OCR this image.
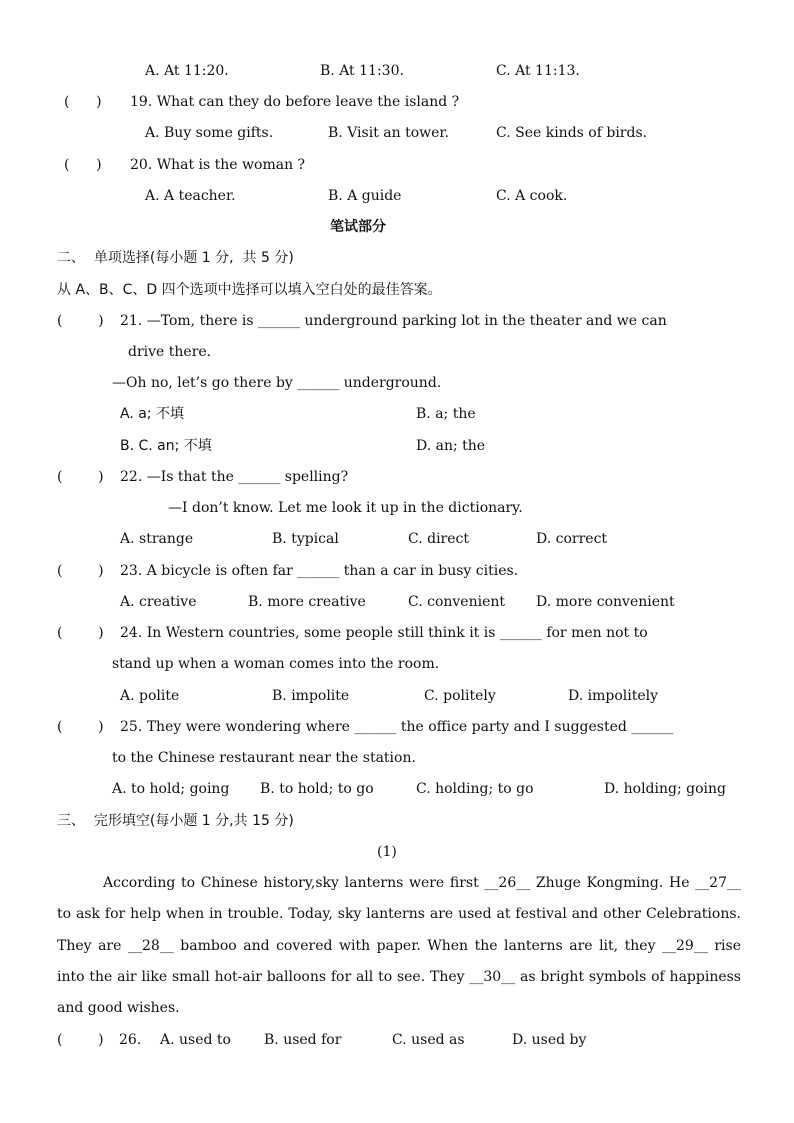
A. At 11:20.	B. At 11:30.	C. At 11:13.
(      ) 19. What can they do before leave the island ?
A. Buy some gifts.	B. Visit an tower.	C. See kinds of birds.
(      ) 20. What is the woman ?
A. A teacher.	B. A guide	C. A cook.
笔试部分
二、  单项选择(每小题 1 分,  共 5 分)
从 A、B、C、D 四个选项中选择可以填入空白处的最佳答案。
(        ) 21. —Tom, there is ______ underground parking lot in the theater and we can
drive there.
—Oh no, let’s go there by ______ underground.
A. a; 不填	B. a; the
B. C. an; 不填	D. an; the
(        ) 22. —Is that the ______ spelling?
—I don’t know. Let me look it up in the dictionary.
A. strange	B. typical	C. direct	D. correct
(        ) 23. A bicycle is often far ______ than a car in busy cities.
A. creative	B. more creative	C. convenient D. more convenient
(        ) 24. In Western countries, some people still think it is ______ for men not to
stand up when a woman comes into the room.
A. polite	B. impolite	C. politely	D. impolitely
(        ) 25. They were wondering where ______ the office party and I suggested ______
to the Chinese restaurant near the station.
A. to hold; going B. to hold; to go	C. holding; to go	D. holding; going
三、  完形填空(每小题 1 分,共 15 分)
(1)
According to Chinese history,sky lanterns were first __26__ Zhuge Kongming. He __27__ to ask for help when in trouble. Today, sky lanterns are used at festival and other Celebrations. They are __28__ bamboo and covered with paper. When the lanterns are lit, they __29__ rise into the air like small hot-air balloons for all to see. They __30__ as bright symbols of happiness and good wishes.
(        ) 26. A. used to B. used for	C. used as	D. used by
